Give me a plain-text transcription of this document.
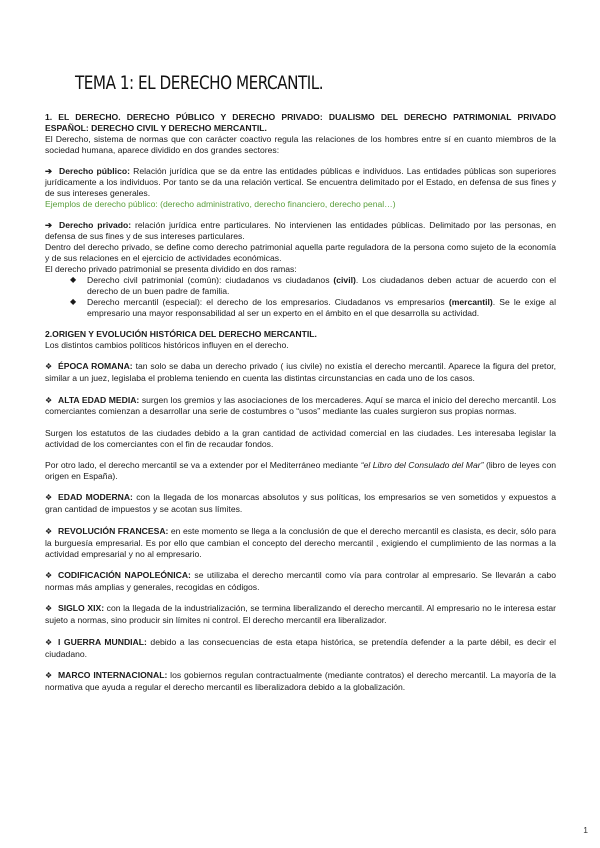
TEMA 1: EL DERECHO MERCANTIL.

1. EL DERECHO. DERECHO PÚBLICO Y DERECHO PRIVADO: DUALISMO DEL DERECHO PATRIMONIAL PRIVADO ESPAÑOL: DERECHO CIVIL Y DERECHO MERCANTIL.

El Derecho, sistema de normas que con carácter coactivo regula las relaciones de los hombres entre sí en cuanto miembros de la sociedad humana, aparece dividido en dos grandes sectores:

➔ Derecho público: Relación jurídica que se da entre las entidades públicas e individuos. Las entidades públicas son superiores jurídicamente a los individuos. Por tanto se da una relación vertical. Se encuentra delimitado por el Estado, en defensa de sus fines y de sus intereses generales.

Ejemplos de derecho público: (derecho administrativo, derecho financiero, derecho penal…)

➔ Derecho privado: relación jurídica entre particulares. No intervienen las entidades públicas. Delimitado por las personas, en defensa de sus fines y de sus intereses particulares.

Dentro del derecho privado, se define como derecho patrimonial aquella parte reguladora de la persona como sujeto de la economía y de sus relaciones en el ejercicio de actividades económicas.

El derecho privado patrimonial se presenta dividido en dos ramas:

◆ Derecho civil patrimonial (común): ciudadanos vs ciudadanos (civil). Los ciudadanos deben actuar de acuerdo con el derecho de un buen padre de familia.
◆ Derecho mercantil (especial): el derecho de los empresarios. Ciudadanos vs empresarios (mercantil). Se le exige al empresario una mayor responsabilidad al ser un experto en el ámbito en el que desarrolla su actividad.

2.ORIGEN Y EVOLUCIÓN HISTÓRICA DEL DERECHO MERCANTIL.

Los distintos cambios políticos históricos influyen en el derecho.

❖ ÉPOCA ROMANA: tan solo se daba un derecho privado ( ius civile) no existía el derecho mercantil. Aparece la figura del pretor, similar a un juez, legislaba el problema teniendo en cuenta las distintas circunstancias en cada uno de los casos.

❖ ALTA EDAD MEDIA: surgen los gremios y las asociaciones de los mercaderes. Aquí se marca el inicio del derecho mercantil. Los comerciantes comienzan a desarrollar una serie de costumbres o “usos” mediante las cuales surgieron sus propias normas.

Surgen los estatutos de las ciudades debido a la gran cantidad de actividad comercial en las ciudades. Les interesaba legislar la actividad de los comerciantes con el fin de recaudar fondos.

Por otro lado, el derecho mercantil se va a extender por el Mediterráneo mediante “el Libro del Consulado del Mar” (libro de leyes con origen en España).

❖ EDAD MODERNA: con la llegada de los monarcas absolutos y sus políticas, los empresarios se ven sometidos y expuestos a gran cantidad de impuestos y se acotan sus límites.

❖ REVOLUCIÓN FRANCESA: en este momento se llega a la conclusión de que el derecho mercantil es clasista, es decir, sólo para la burguesía empresarial. Es por ello que cambian el concepto del derecho mercantil , exigiendo el cumplimiento de las normas a la actividad empresarial y no al empresario.

❖ CODIFICACIÓN NAPOLEÓNICA: se utilizaba el derecho mercantil como vía para controlar al empresario. Se llevarán a cabo normas más amplias y generales, recogidas en códigos.

❖ SIGLO XIX: con la llegada de la industrialización, se termina liberalizando el derecho mercantil. Al empresario no le interesa estar sujeto a normas, sino producir sin límites ni control. El derecho mercantil era liberalizador.

❖ I GUERRA MUNDIAL: debido a las consecuencias de esta etapa histórica, se pretendía defender a la parte débil, es decir el ciudadano.

❖ MARCO INTERNACIONAL: los gobiernos regulan contractualmente (mediante contratos) el derecho mercantil. La mayoría de la normativa que ayuda a regular el derecho mercantil es liberalizadora debido a la globalización.

1
